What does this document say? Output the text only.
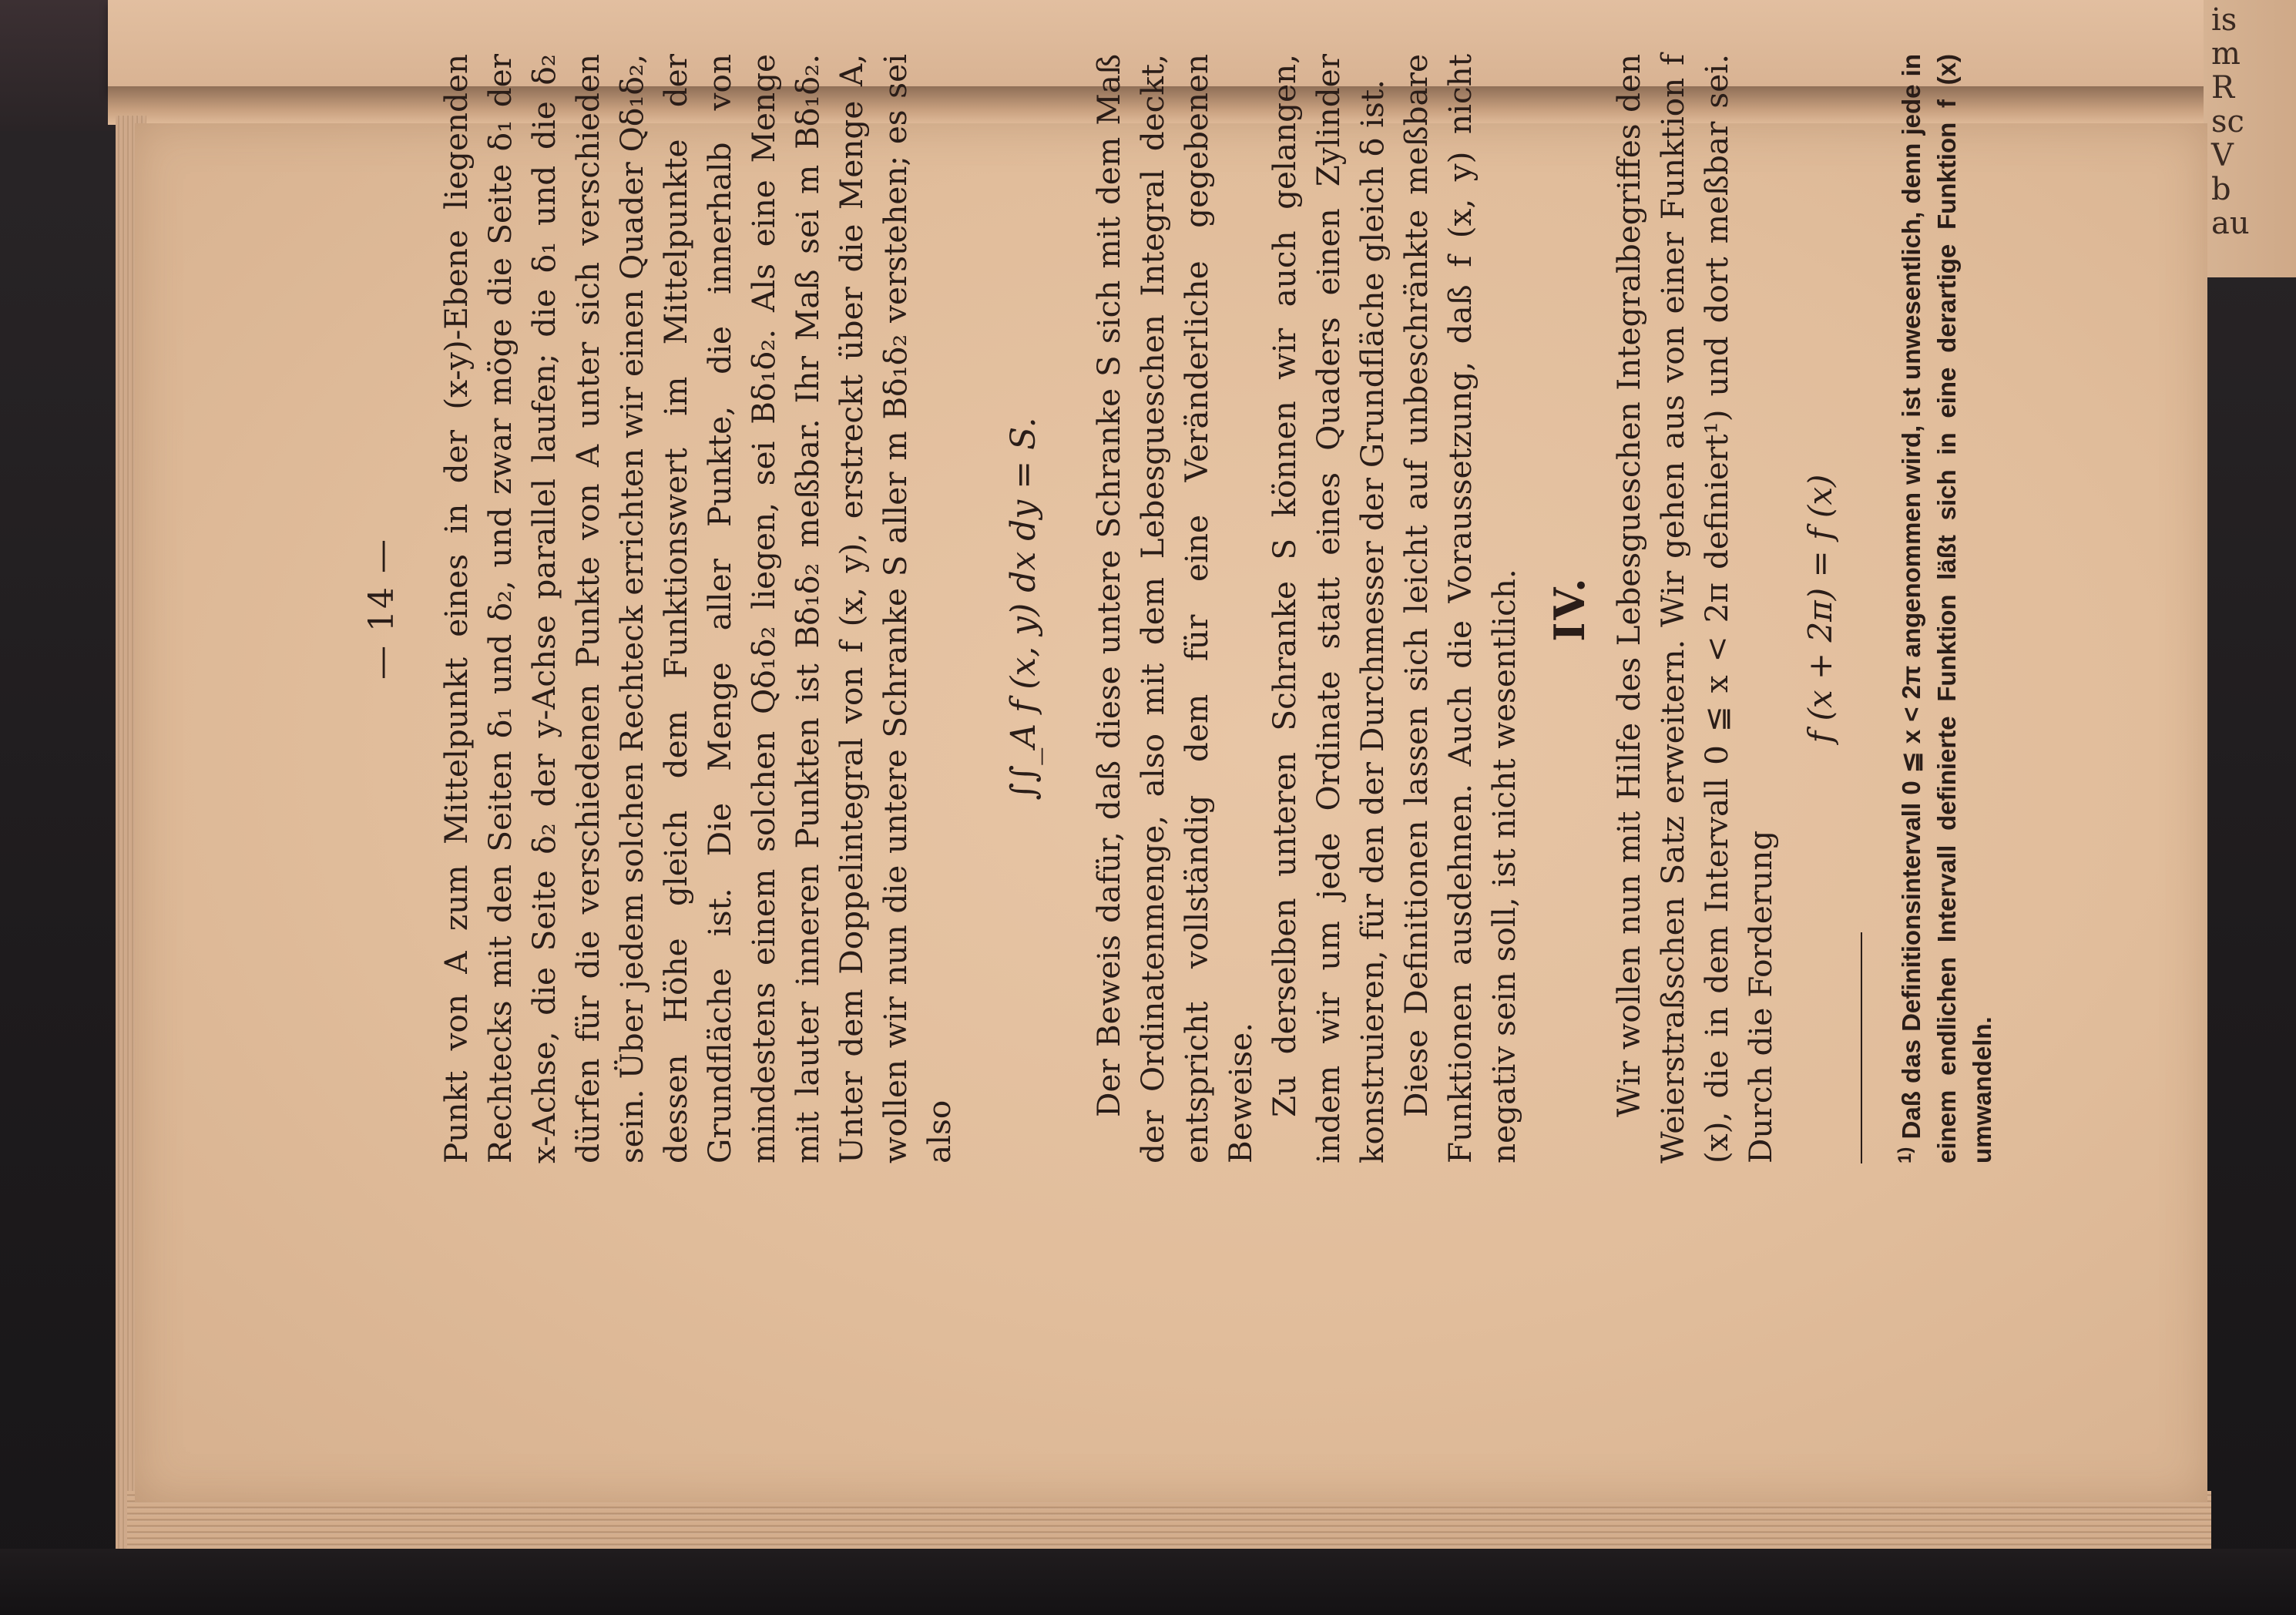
is
m
R
sc
V
b
au
— 14 — Punkt von A zum Mittelpunkt eines in der (x-y)-Ebene liegenden Rechtecks mit den Seiten δ₁ und δ₂, und zwar möge die Seite δ₁ der x-Achse, die Seite δ₂ der y-Achse parallel laufen; die δ₁ und die δ₂ dürfen für die verschiedenen Punkte von A unter sich verschieden sein. Über jedem solchen Rechteck errichten wir einen Quader Qδ₁δ₂, dessen Höhe gleich dem Funktionswert im Mittelpunkte der Grundfläche ist. Die Menge aller Punkte, die innerhalb von mindestens einem solchen Qδ₁δ₂ liegen, sei Bδ₁δ₂. Als eine Menge mit lauter inneren Punkten ist Bδ₁δ₂ meßbar. Ihr Maß sei m Bδ₁δ₂. Unter dem Doppelintegral von f (x, y), erstreckt über die Menge A, wollen wir nun die untere Schranke S aller m Bδ₁δ₂ verstehen; es sei also

∫∫_A f (x, y) dx dy = S. Der Beweis dafür, daß diese untere Schranke S sich mit dem Maß der Ordinatenmenge, also mit dem Lebesgueschen Integral deckt, entspricht vollständig dem für eine Veränderliche gegebenen Beweise. Zu derselben unteren Schranke S können wir auch gelangen, indem wir um jede Ordinate statt eines Quaders einen Zylinder konstruieren, für den der Durchmesser der Grundfläche gleich δ ist. Diese Definitionen lassen sich leicht auf unbeschränkte meßbare Funktionen ausdehnen. Auch die Voraussetzung, daß f (x, y) nicht negativ sein soll, ist nicht wesentlich. IV. Wir wollen nun mit Hilfe des Lebesgueschen Integralbegriffes den Weierstraßschen Satz erweitern. Wir gehen aus von einer Funktion f (x), die in dem Intervall 0 ≦ x < 2π definiert¹) und dort meßbar sei. Durch die Forderung

f (x + 2π) = f (x)

$^{1)}$ Daß das Definitionsintervall 0 ≦ x < 2π angenommen wird, ist unwesentlich, denn jede in einem endlichen Intervall definierte Funktion läßt sich in eine derartige Funktion f (x) umwandeln.
